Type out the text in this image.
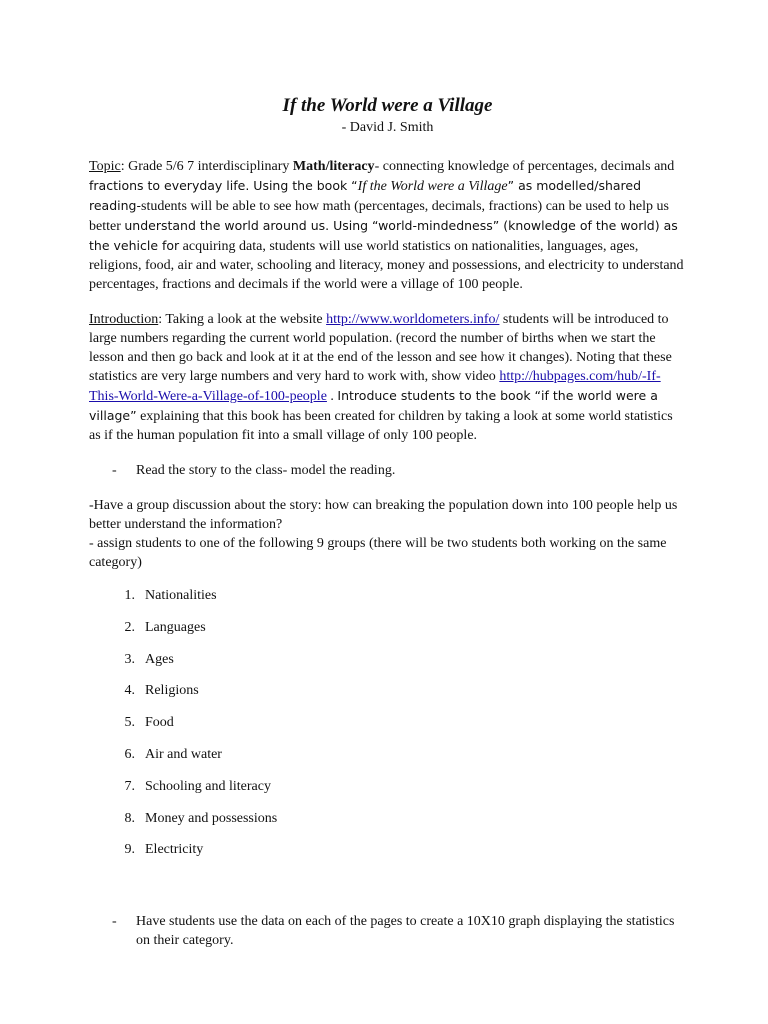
If the World were a Village
- David J. Smith

Topic: Grade 5/6 7 interdisciplinary Math/literacy- connecting knowledge of percentages, decimals and fractions to everyday life. Using the book “If the World were a Village” as modelled/shared reading-students will be able to see how math (percentages, decimals, fractions) can be used to help us better understand the world around us. Using “world-mindedness” (knowledge of the world) as the vehicle for acquiring data, students will use world statistics on nationalities, languages, ages, religions, food, air and water, schooling and literacy, money and possessions, and electricity to understand percentages, fractions and decimals if the world were a village of 100 people.

Introduction: Taking a look at the website http://www.worldometers.info/ students will be introduced to large numbers regarding the current world population. (record the number of births when we start the lesson and then go back and look at it at the end of the lesson and see how it changes). Noting that these statistics are very large numbers and very hard to work with, show video http://hubpages.com/hub/-If-This-World-Were-a-Village-of-100-people . Introduce students to the book “if the world were a village” explaining that this book has been created for children by taking a look at some world statistics as if the human population fit into a small village of only 100 people.

-	Read the story to the class- model the reading.

-Have a group discussion about the story: how can breaking the population down into 100 people help us better understand the information?

- assign students to one of the following 9 groups (there will be two students both working on the same category)

1. Nationalities
2. Languages
3. Ages
4. Religions
5. Food
6. Air and water
7. Schooling and literacy
8. Money and possessions
9. Electricity
-	Have students use the data on each of the pages to create a 10X10 graph displaying the statistics on their category.
